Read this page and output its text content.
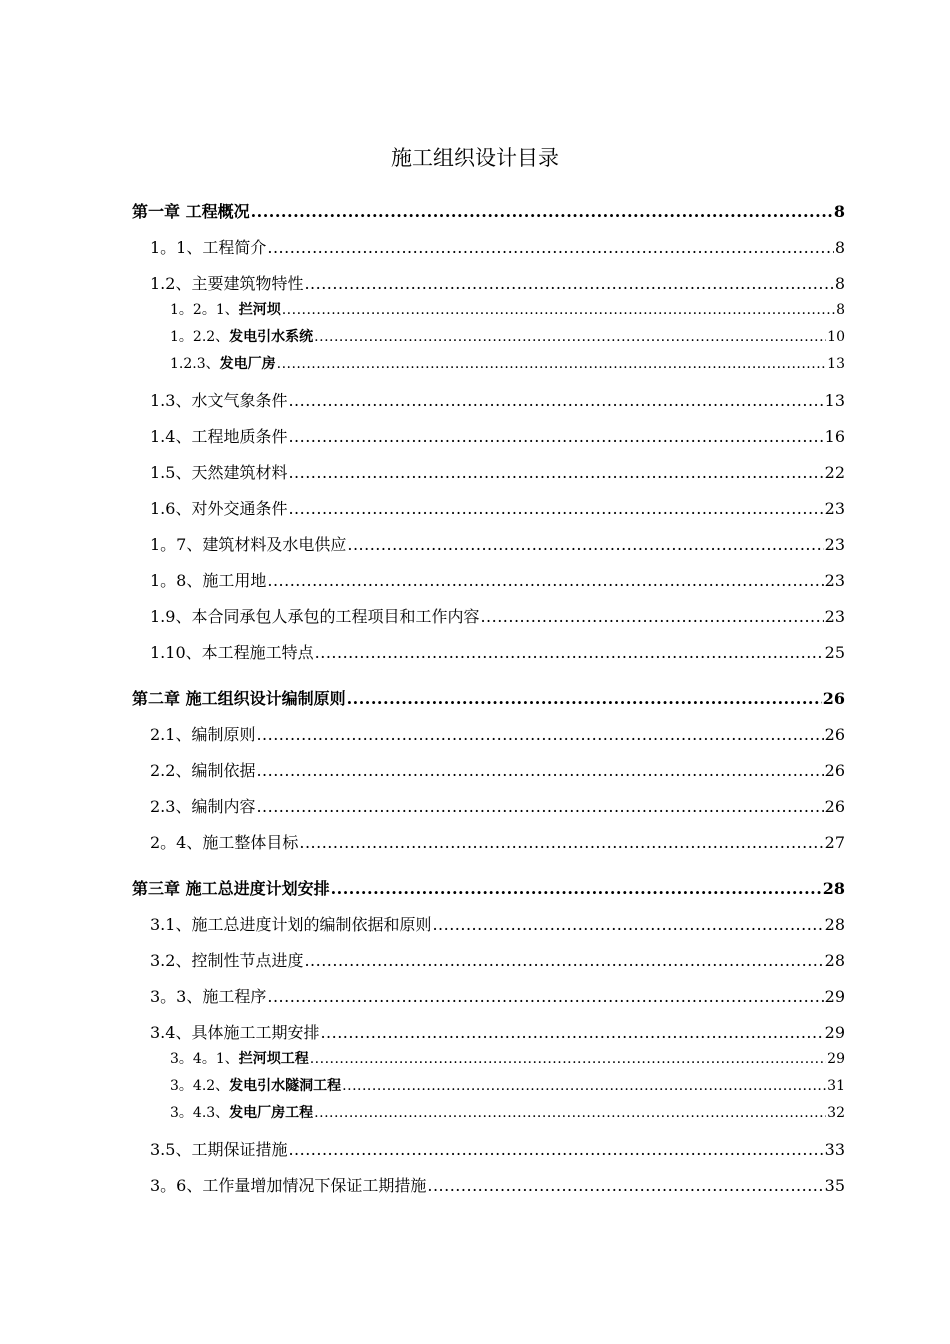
施工组织设计目录
第一章 工程概况 .....	8
1。1、工程简介 .....	8
1.2、主要建筑物特性 .....	8
1。2。1、拦河坝 .....	8
1。2.2、发电引水系统 .....	10
1.2.3、发电厂房 .....	13
1.3、水文气象条件 .....	13
1.4、工程地质条件 .....	16
1.5、天然建筑材料 .....	22
1.6、对外交通条件 .....	23
1。7、建筑材料及水电供应 .....	23
1。8、施工用地 .....	23
1.9、本合同承包人承包的工程项目和工作内容 .....	23
1.10、本工程施工特点 .....	25
第二章 施工组织设计编制原则 .....	26
2.1、编制原则 .....	26
2.2、编制依据 .....	26
2.3、编制内容 .....	26
2。4、施工整体目标 .....	27
第三章 施工总进度计划安排 .....	28
3.1、施工总进度计划的编制依据和原则 .....	28
3.2、控制性节点进度 .....	28
3。3、施工程序 .....	29
3.4、具体施工工期安排 .....	29
3。4。1、拦河坝工程 .....	29
3。4.2、发电引水隧洞工程 .....	31
3。4.3、发电厂房工程 .....	32
3.5、工期保证措施 .....	33
3。6、工作量增加情况下保证工期措施 .....	35
